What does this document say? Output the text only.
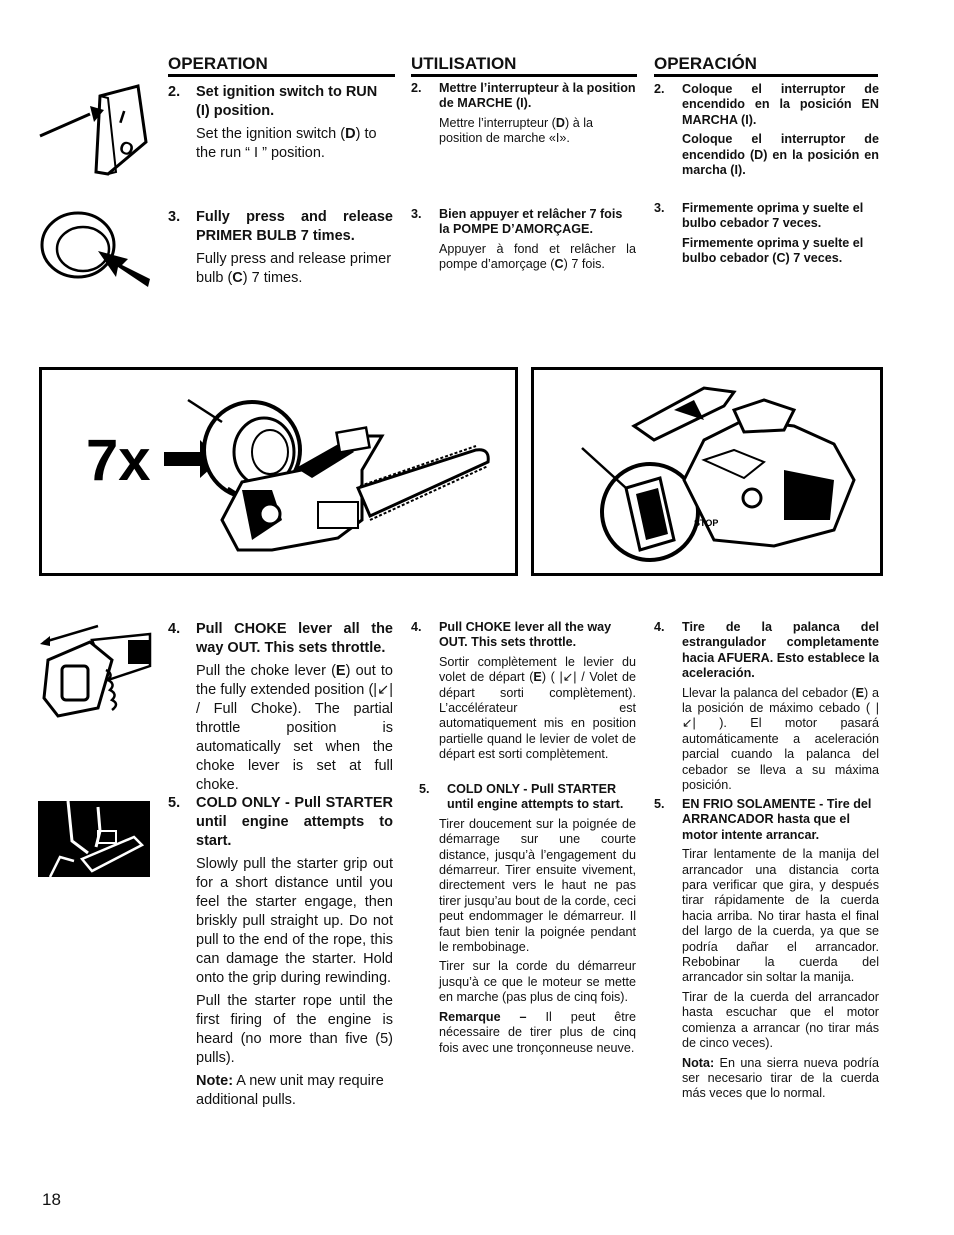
OPERATION	UTILISATION	OPERACIÓN
I
O
2. Set ignition switch to RUN (I) position.

Set the ignition switch (D) to the run “ I ” position.

3. Fully press and release PRIMER BULB 7 times.

Fully press and release primer bulb (C) 7 times.

2. Mettre l’interrupteur à la position de MARCHE (I).

Mettre l’interrupteur (D) à la position de marche «I».

3. Bien appuyer et relâcher 7 fois la POMPE D’AMORÇAGE.

Appuyer à fond et relâcher la pompe d’amorçage (C) 7 fois.

2. Coloque el interruptor de encendido en la posición EN MARCHA (I).

Coloque el interruptor de encendido (D) en la posición en marcha (I).

3. Firmemente oprima y suelte el bulbo cebador 7 veces.

Firmemente oprima y suelte el bulbo cebador (C) 7 veces.

7x
STOP
4. Pull CHOKE lever all the way OUT. This sets throttle.

Pull the choke lever (E) out to the fully extended position (|↙| / Full Choke). The partial throttle position is automatically set when the choke lever is set at full choke.

5. COLD ONLY - Pull STARTER until engine attempts to start.

Slowly pull the starter grip out for a short distance until you feel the starter engage, then briskly pull straight up. Do not pull to the end of the rope, this can damage the starter. Hold onto the grip during rewinding.

Pull the starter rope until the first firing of the engine is heard (no more than five (5) pulls).

Note: A new unit may require additional pulls.

4. Pull CHOKE lever all the way OUT. This sets throttle.

Sortir complètement le levier du volet de départ (E) ( |↙| / Volet de départ sorti complètement). L’accélérateur est automatiquement mis en position partielle quand le levier de volet de départ est sorti complètement.

5. COLD ONLY - Pull STARTER until engine attempts to start.

Tirer doucement sur la poignée de démarrage sur une courte distance, jusqu’à l’engagement du démarreur. Tirer ensuite vivement, directement vers le haut ne pas tirer jusqu’au bout de la corde, ceci peut endommager le démarreur. Il faut bien tenir la poignée pendant le rembobinage.

Tirer sur la corde du démarreur jusqu’à ce que le moteur se mette en marche (pas plus de cinq fois).

Remarque – Il peut être nécessaire de tirer plus de cinq fois avec une tronçonneuse neuve.

4. Tire de la palanca del estrangulador completamente hacia AFUERA. Esto establece la aceleración.

Llevar la palanca del cebador (E) a la posición de máximo cebado ( |↙| ). El motor pasará automáticamente a aceleración parcial cuando la palanca del cebador se lleva a su máxima posición.

5. EN FRIO SOLAMENTE - Tire del ARRANCADOR hasta que el motor intente arrancar.

Tirar lentamente de la manija del arrancador una distancia corta para verificar que gira, y después tirar rápidamente de la cuerda hacia arriba. No tirar hasta el final del largo de la cuerda, ya que se podría dañar el arrancador. Rebobinar la cuerda del arrancador sin soltar la manija.

Tirar de la cuerda del arrancador hasta escuchar que el motor comienza a arrancar (no tirar más de cinco veces).

Nota: En una sierra nueva podría ser necesario tirar de la cuerda más veces que lo normal.

18
